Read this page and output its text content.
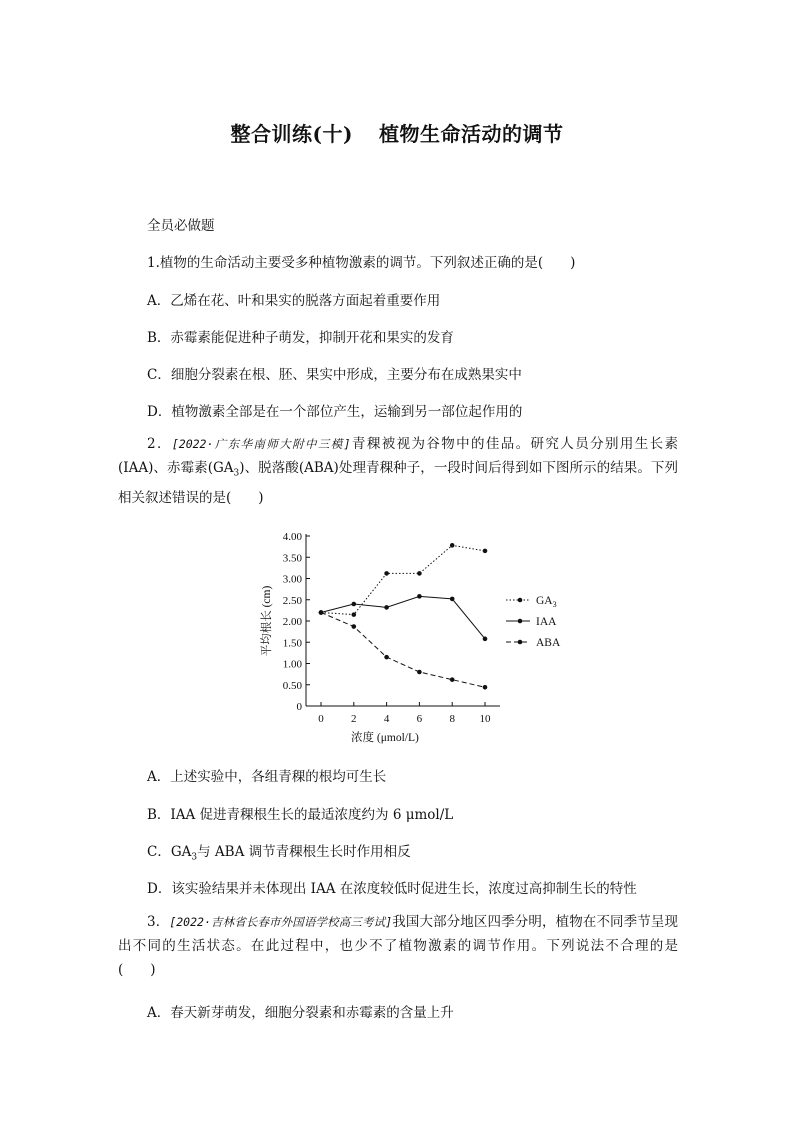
整合训练(十) 植物生命活动的调节
全员必做题
1.植物的生命活动主要受多种植物激素的调节。下列叙述正确的是(　　)
A．乙烯在花、叶和果实的脱落方面起着重要作用
B．赤霉素能促进种子萌发，抑制开花和果实的发育
C．细胞分裂素在根、胚、果实中形成，主要分布在成熟果实中
D．植物激素全部是在一个部位产生，运输到另一部位起作用的
2．[2022·广东华南师大附中三模]青稞被视为谷物中的佳品。研究人员分别用生长素(IAA)、赤霉素$(GA_3)$、脱落酸(ABA)处理青稞种子，一段时间后得到如下图所示的结果。下列相关叙述错误的是(　　)
0
0.50
1.00
1.50
2.00
2.50
3.00
3.50
4.00
0 2 4 6 8 10
浓度 (μmol/L)
平均根长 (cm)	$GA_3$
IAA
ABA
A．上述实验中，各组青稞的根均可生长
B．IAA 促进青稞根生长的最适浓度约为 6 μmol/L
C．$GA_3$与 ABA 调节青稞根生长时作用相反
D．该实验结果并未体现出 IAA 在浓度较低时促进生长，浓度过高抑制生长的特性
3．[2022·吉林省长春市外国语学校高三考试]我国大部分地区四季分明，植物在不同季节呈现出不同的生活状态。在此过程中，也少不了植物激素的调节作用。下列说法不合理的是　 (　　)
A．春天新芽萌发，细胞分裂素和赤霉素的含量上升
